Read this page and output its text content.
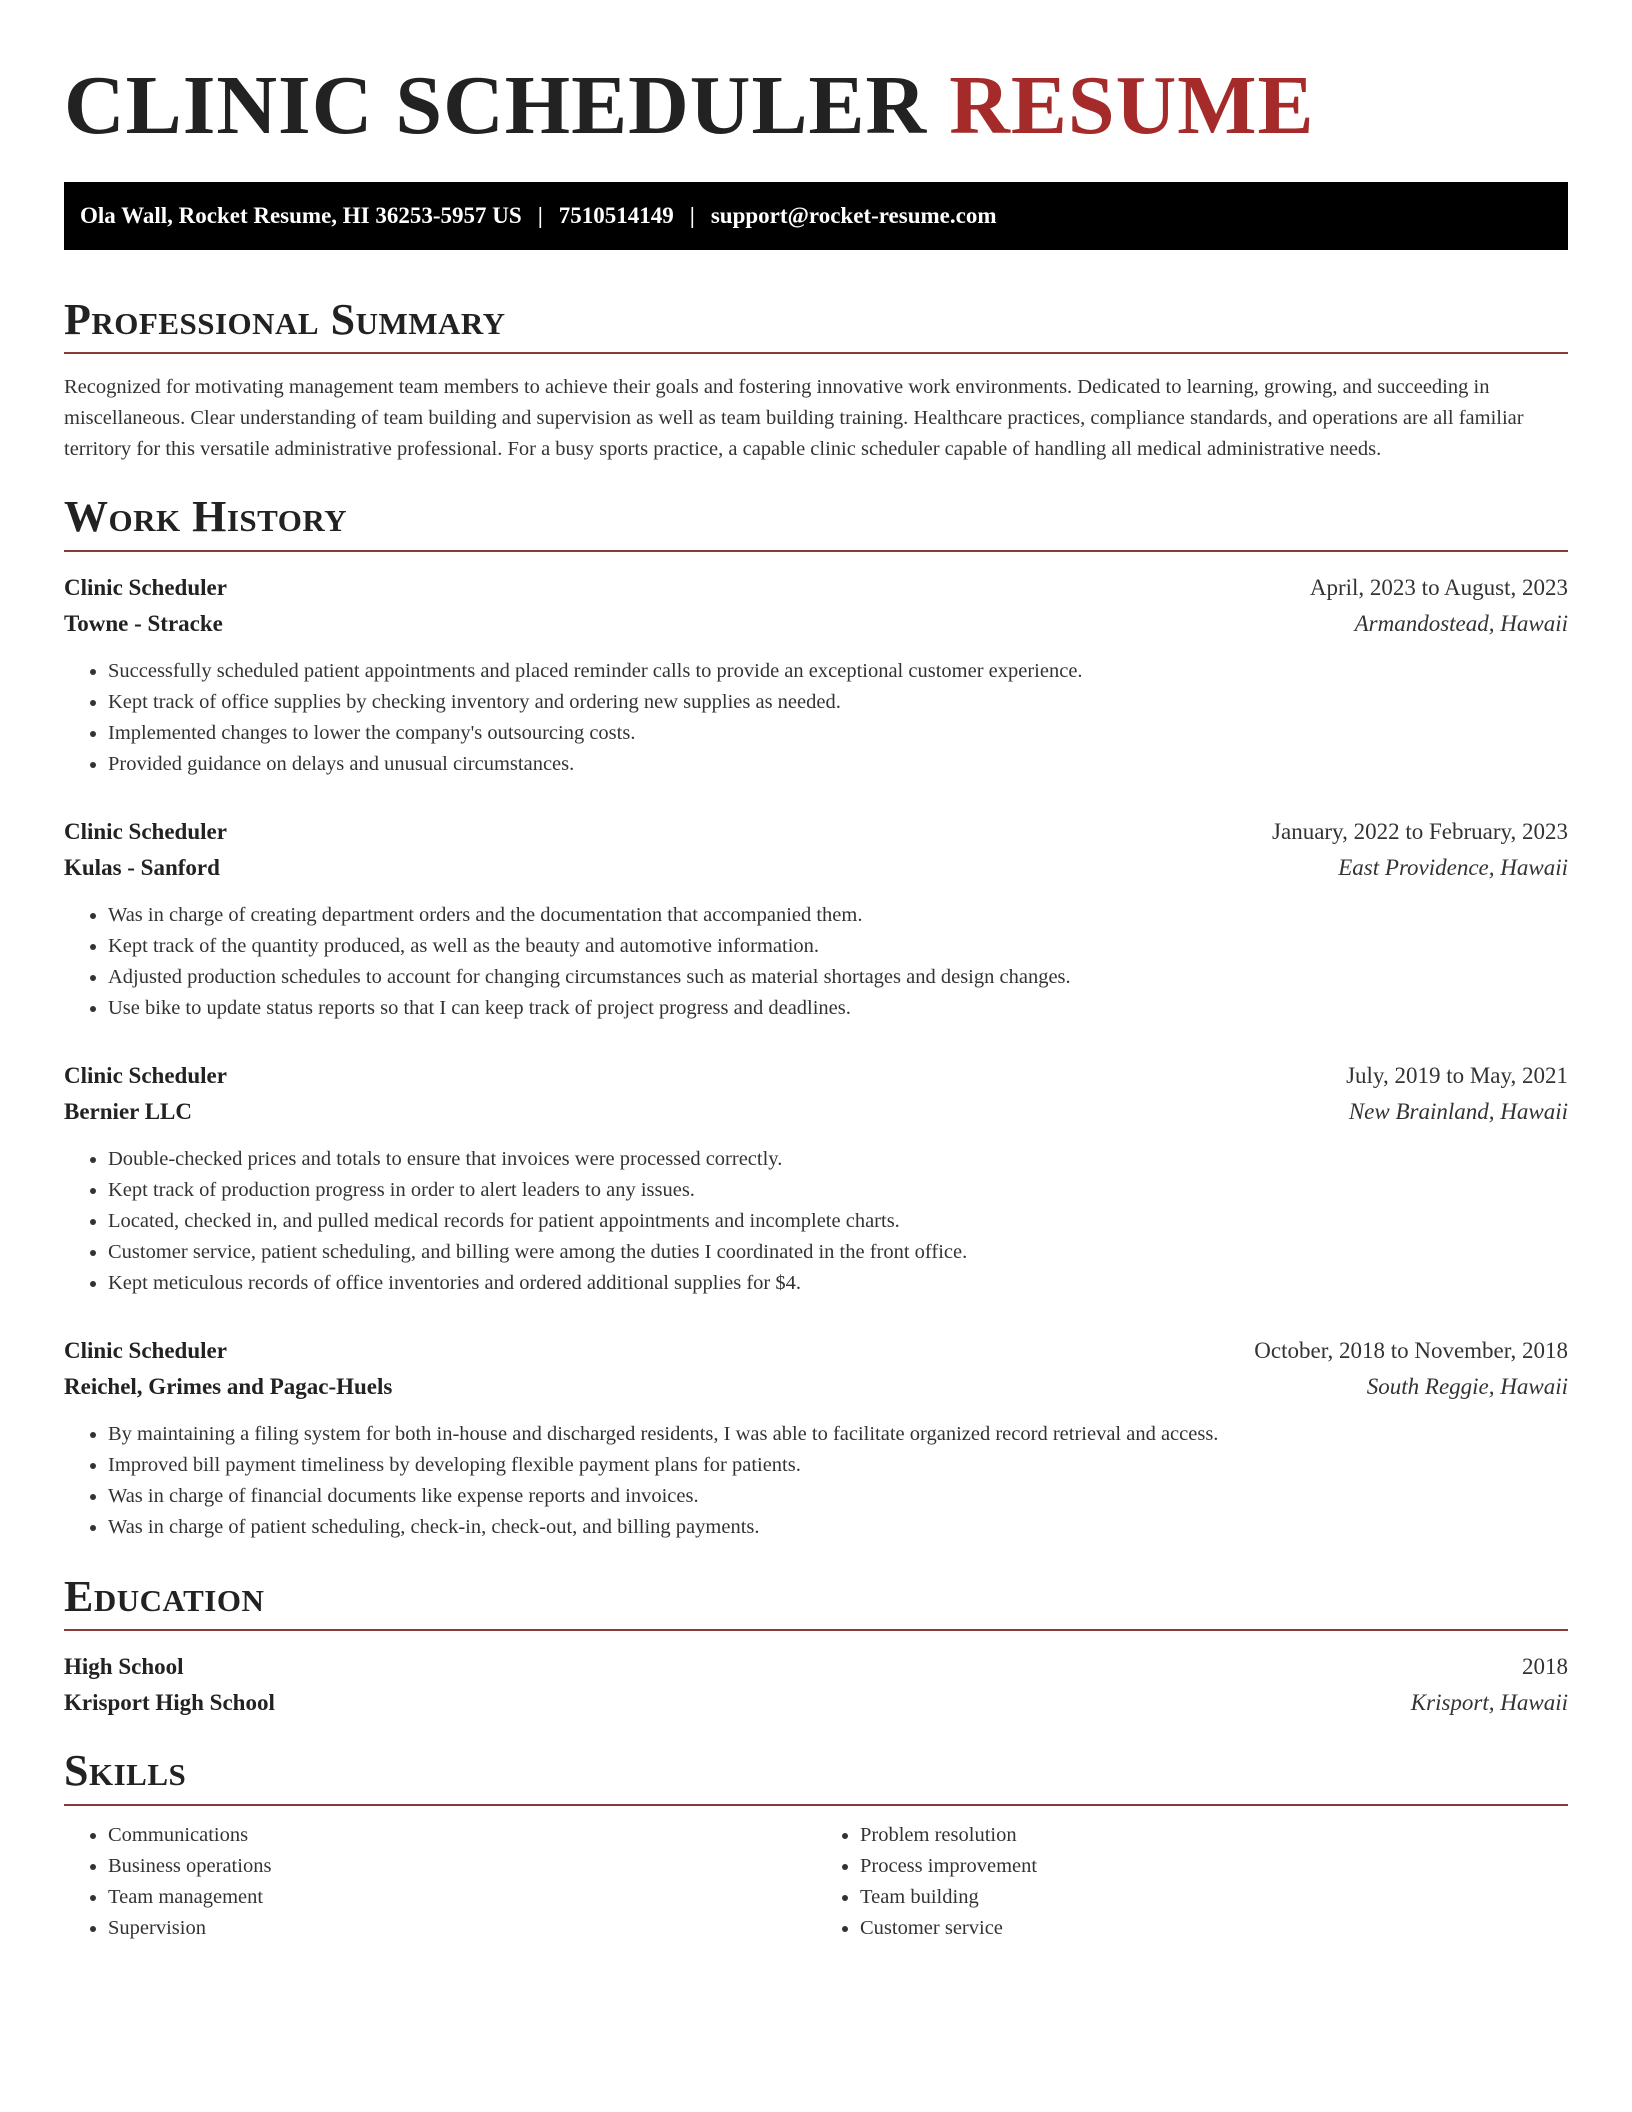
CLINIC SCHEDULER RESUME
Ola Wall, Rocket Resume, HI 36253-5957 US | 7510514149 | support@rocket-resume.com
Professional Summary

Recognized for motivating management team members to achieve their goals and fostering innovative work environments. Dedicated to learning, growing, and succeeding in miscellaneous. Clear understanding of team building and supervision as well as team building training. Healthcare practices, compliance standards, and operations are all familiar territory for this versatile administrative professional. For a busy sports practice, a capable clinic scheduler capable of handling all medical administrative needs.

Work History
Clinic Scheduler	April, 2023 to August, 2023
Towne - Stracke	Armandostead, Hawaii
• Successfully scheduled patient appointments and placed reminder calls to provide an exceptional customer experience.
• Kept track of office supplies by checking inventory and ordering new supplies as needed.
• Implemented changes to lower the company's outsourcing costs.
• Provided guidance on delays and unusual circumstances.
Clinic Scheduler	January, 2022 to February, 2023
Kulas - Sanford	East Providence, Hawaii
• Was in charge of creating department orders and the documentation that accompanied them.
• Kept track of the quantity produced, as well as the beauty and automotive information.
• Adjusted production schedules to account for changing circumstances such as material shortages and design changes.
• Use bike to update status reports so that I can keep track of project progress and deadlines.
Clinic Scheduler	July, 2019 to May, 2021
Bernier LLC	New Brainland, Hawaii
• Double-checked prices and totals to ensure that invoices were processed correctly.
• Kept track of production progress in order to alert leaders to any issues.
• Located, checked in, and pulled medical records for patient appointments and incomplete charts.
• Customer service, patient scheduling, and billing were among the duties I coordinated in the front office.
• Kept meticulous records of office inventories and ordered additional supplies for $4.
Clinic Scheduler	October, 2018 to November, 2018
Reichel, Grimes and Pagac-Huels	South Reggie, Hawaii
• By maintaining a filing system for both in-house and discharged residents, I was able to facilitate organized record retrieval and access.
• Improved bill payment timeliness by developing flexible payment plans for patients.
• Was in charge of financial documents like expense reports and invoices.
• Was in charge of patient scheduling, check-in, check-out, and billing payments.
Education
High School	2018
Krisport High School	Krisport, Hawaii
Skills
• Communications
• Business operations
• Team management
• Supervision
• Problem resolution
• Process improvement
• Team building
• Customer service
